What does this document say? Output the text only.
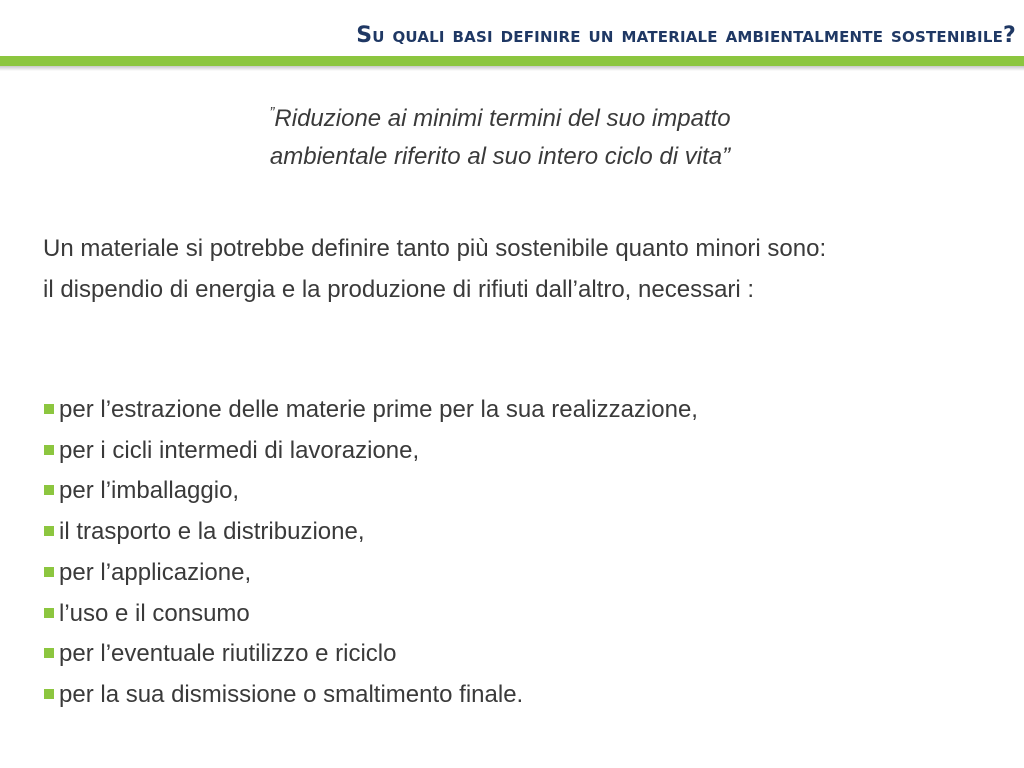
Su quali basi definire un materiale ambientalmente sostenibile?
”Riduzione ai minimi termini del suo impatto
ambientale riferito al suo intero ciclo di vita”

Un materiale si potrebbe definire tanto più sostenibile quanto minori sono:

il dispendio di energia e la produzione di rifiuti dall’altro, necessari :

per l’estrazione delle materie prime per la sua realizzazione,
per i cicli intermedi di lavorazione,
per l’imballaggio,
il trasporto e la distribuzione,
per l’applicazione,
l’uso e il consumo
per l’eventuale riutilizzo e riciclo
per la sua dismissione o smaltimento finale.
